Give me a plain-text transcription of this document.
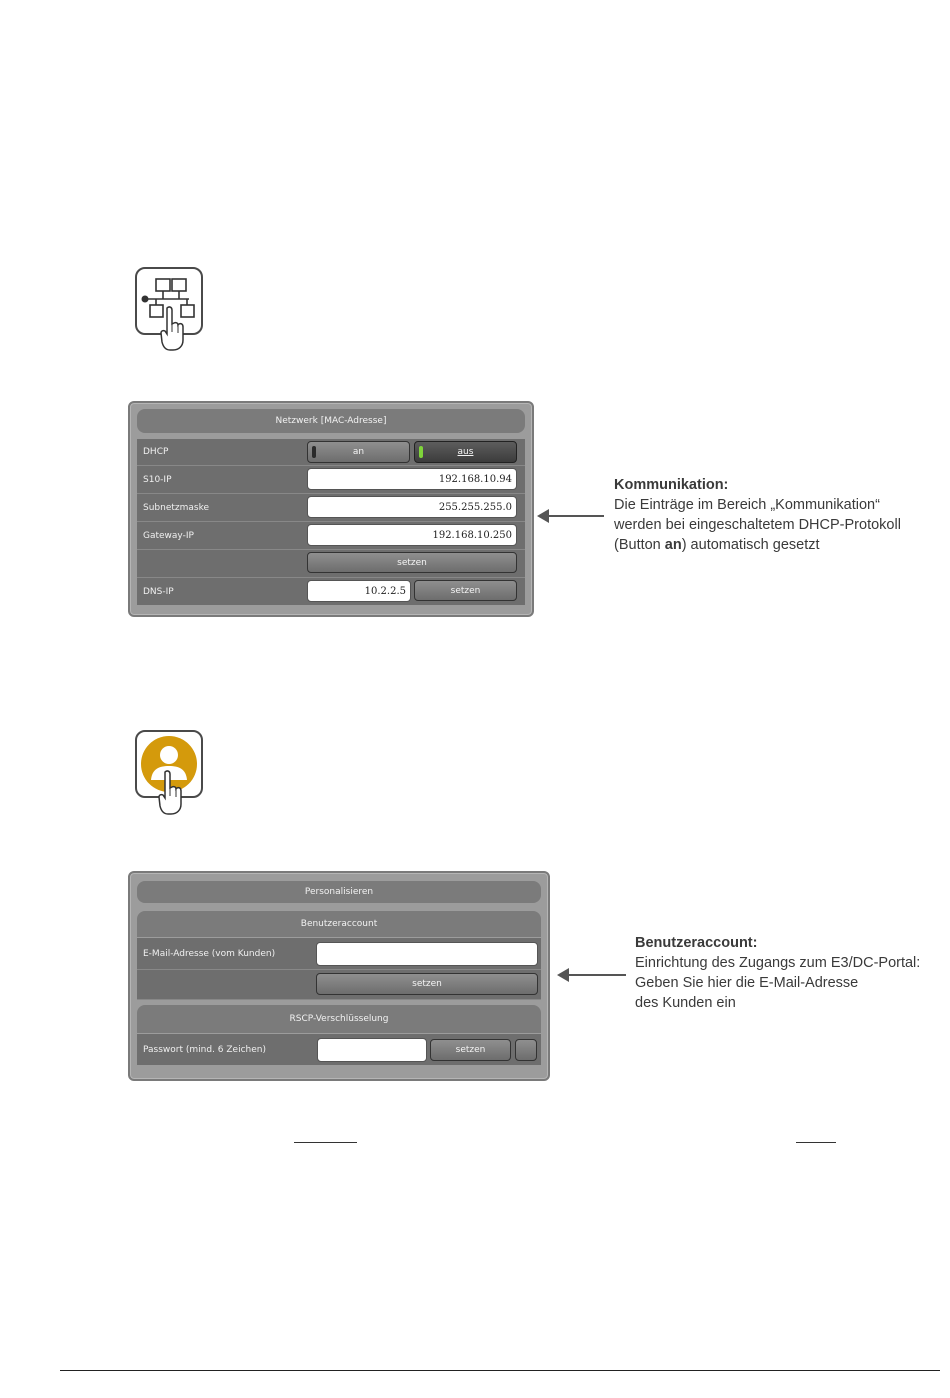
Netzwerk [MAC-Adresse]
DHCP	an	aus
S10-IP	192.168.10.94
Subnetzmaske	255.255.255.0
Gateway-IP	192.168.10.250
setzen
DNS-IP	10.2.2.5	setzen
Kommunikation:
Die Einträge im Bereich „Kommunikation“
werden bei eingeschaltetem DHCP-Protokoll
(Button an) automatisch gesetzt
Personalisieren
Benutzeraccount
E-Mail-Adresse (vom Kunden)
setzen
RSCP-Verschlüsselung
Passwort (mind. 6 Zeichen)	setzen
Benutzeraccount:
Einrichtung des Zugangs zum E3/DC-Portal:
Geben Sie hier die E-Mail-Adresse
des Kunden ein
